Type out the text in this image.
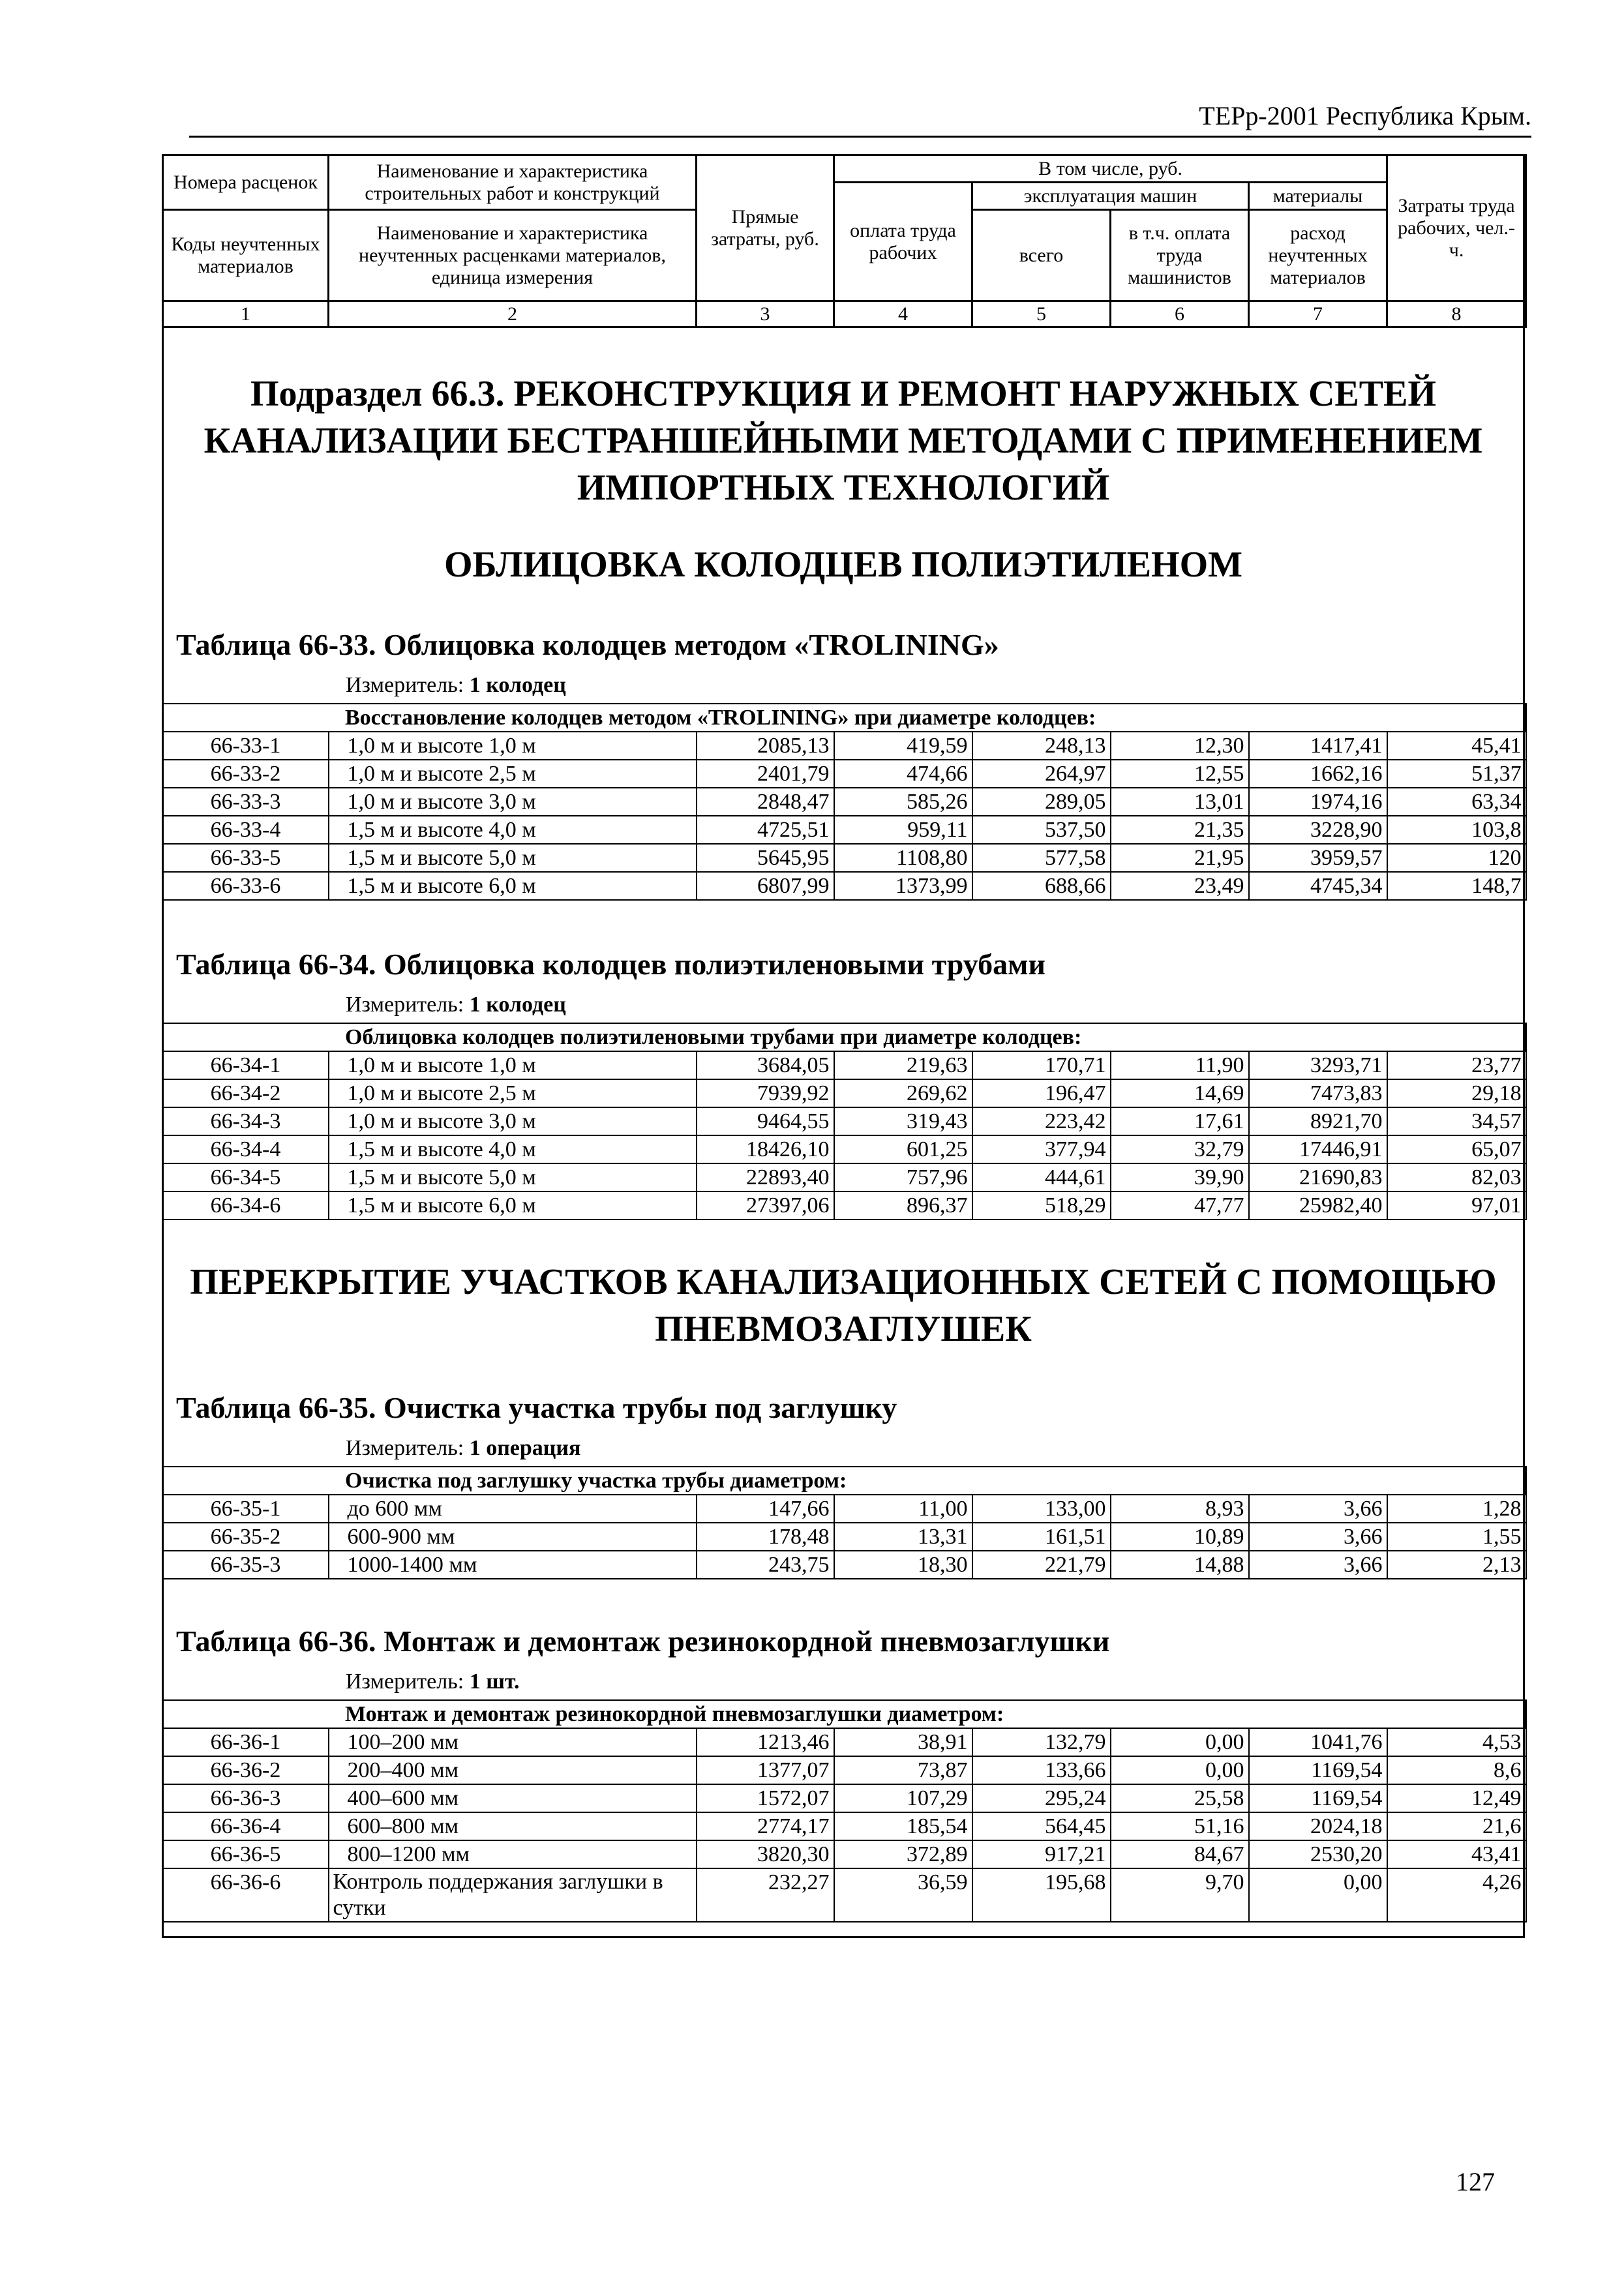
ТЕРр-2001 Республика Крым.
Номера расценок	Наименование и характеристика строительных работ и конструкций	Прямые затраты, руб.	В том числе, руб.				Затраты труда рабочих, чел.-ч.
			оплата труда рабочих	эксплуатация машин		материалы	
Коды неучтенных материалов	Наименование и характеристика неучтенных расценками материалов, единица измерения			всего	в т.ч. оплата труда машинистов	расход неучтенных материалов	

1	2	3	4	5	6	7	8
Подраздел 66.3. РЕКОНСТРУКЦИЯ И РЕМОНТ НАРУЖНЫХ СЕТЕЙ КАНАЛИЗАЦИИ БЕСТРАНШЕЙНЫМИ МЕТОДАМИ С ПРИМЕНЕНИЕМ ИМПОРТНЫХ ТЕХНОЛОГИЙ
ОБЛИЦОВКА КОЛОДЦЕВ ПОЛИЭТИЛЕНОМ
Таблица 66-33. Облицовка колодцев методом «TROLINING»
Измеритель: 1 колодец
Восстановление колодцев методом «TROLINING» при диаметре колодцев:							
66-33-1	1,0 м и высоте 1,0 м	2085,13	419,59	248,13	12,30	1417,41	45,41
66-33-2	1,0 м и высоте 2,5 м	2401,79	474,66	264,97	12,55	1662,16	51,37
66-33-3	1,0 м и высоте 3,0 м	2848,47	585,26	289,05	13,01	1974,16	63,34
66-33-4	1,5 м и высоте 4,0 м	4725,51	959,11	537,50	21,35	3228,90	103,8
66-33-5	1,5 м и высоте 5,0 м	5645,95	1108,80	577,58	21,95	3959,57	120
66-33-6	1,5 м и высоте 6,0 м	6807,99	1373,99	688,66	23,49	4745,34	148,7
Таблица 66-34. Облицовка колодцев полиэтиленовыми трубами
Измеритель: 1 колодец
Облицовка колодцев полиэтиленовыми трубами при диаметре колодцев:							
66-34-1	1,0 м и высоте 1,0 м	3684,05	219,63	170,71	11,90	3293,71	23,77
66-34-2	1,0 м и высоте 2,5 м	7939,92	269,62	196,47	14,69	7473,83	29,18
66-34-3	1,0 м и высоте 3,0 м	9464,55	319,43	223,42	17,61	8921,70	34,57
66-34-4	1,5 м и высоте 4,0 м	18426,10	601,25	377,94	32,79	17446,91	65,07
66-34-5	1,5 м и высоте 5,0 м	22893,40	757,96	444,61	39,90	21690,83	82,03
66-34-6	1,5 м и высоте 6,0 м	27397,06	896,37	518,29	47,77	25982,40	97,01
ПЕРЕКРЫТИЕ УЧАСТКОВ КАНАЛИЗАЦИОННЫХ СЕТЕЙ С ПОМОЩЬЮ ПНЕВМОЗАГЛУШЕК
Таблица 66-35. Очистка участка трубы под заглушку
Измеритель: 1 операция
Очистка под заглушку участка трубы диаметром:							
66-35-1	до 600 мм	147,66	11,00	133,00	8,93	3,66	1,28
66-35-2	600-900 мм	178,48	13,31	161,51	10,89	3,66	1,55
66-35-3	1000-1400 мм	243,75	18,30	221,79	14,88	3,66	2,13
Таблица 66-36. Монтаж и демонтаж резинокордной пневмозаглушки
Измеритель: 1 шт.
Монтаж и демонтаж резинокордной пневмозаглушки диаметром:							
66-36-1	100–200 мм	1213,46	38,91	132,79	0,00	1041,76	4,53
66-36-2	200–400 мм	1377,07	73,87	133,66	0,00	1169,54	8,6
66-36-3	400–600 мм	1572,07	107,29	295,24	25,58	1169,54	12,49
66-36-4	600–800 мм	2774,17	185,54	564,45	51,16	2024,18	21,6
66-36-5	800–1200 мм	3820,30	372,89	917,21	84,67	2530,20	43,41
66-36-6	Контроль поддержания заглушки в сутки	232,27	36,59	195,68	9,70	0,00	4,26
127
